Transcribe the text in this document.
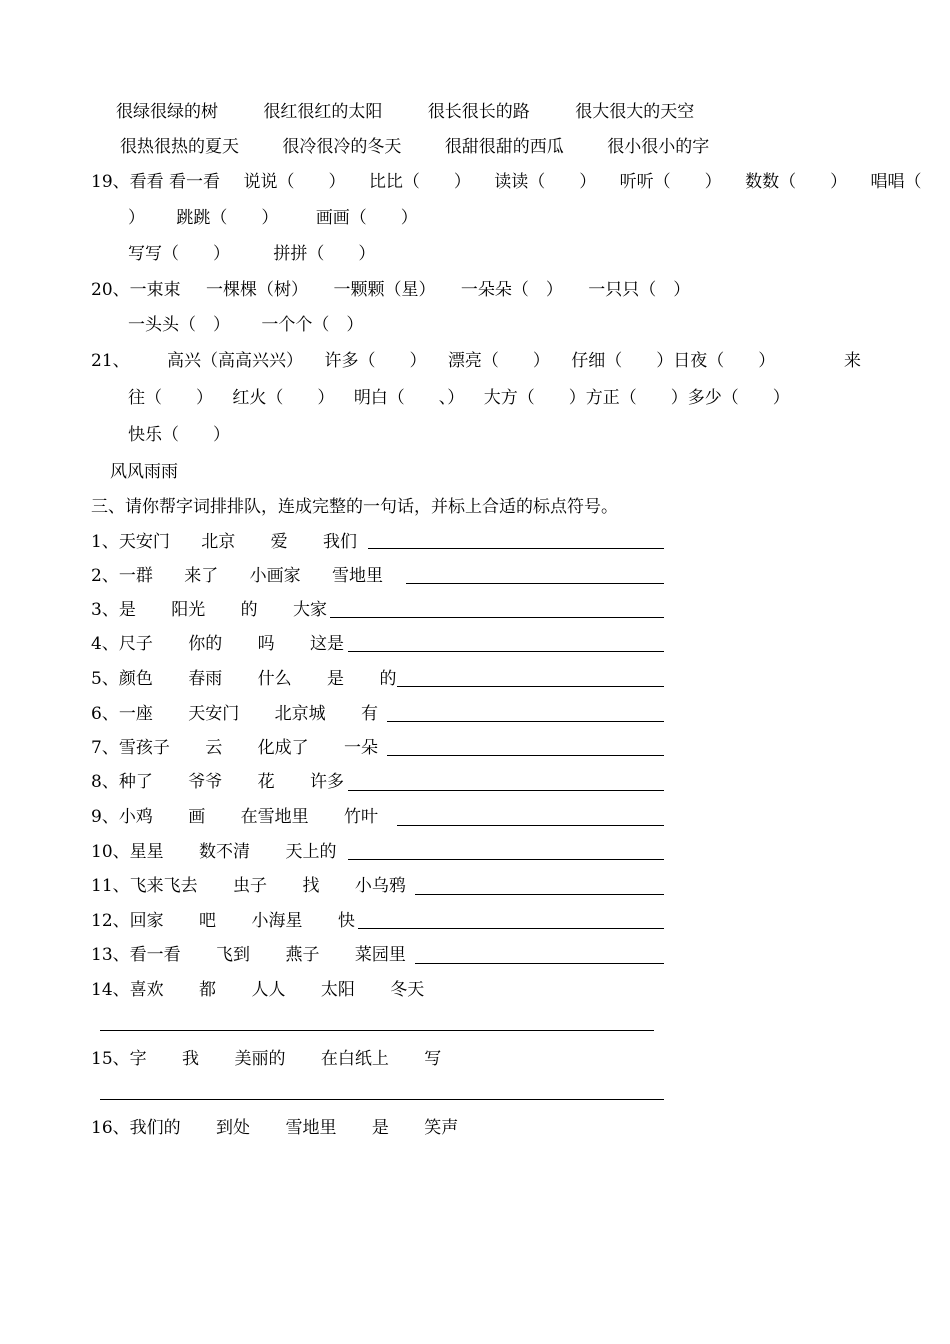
很绿很绿的树	很红很红的太阳	很长很长的路	很大很大的天空
很热很热的夏天	很冷很冷的冬天	很甜很甜的西瓜	很小很小的字
19、看看 看一看 说说（　　） 比比（　　） 读读（　　） 听听（　　） 数数（　　） 唱唱（
） 跳跳（　　） 画画（　　）
写写（　　）	拼拼（　　）
20、一束束 一棵棵（树） 一颗颗（星） 一朵朵（　） 一只只（　）
一头头（　） 一个个（　）
21、 高兴（高高兴兴） 许多（　　） 漂亮（　　） 仔细（　　）日夜（　　）	来
往（　　） 红火（　　） 明白（　　、） 大方（　　）方正（　　）多少（　　）
快乐（　　）
风风雨雨
三、请你帮字词排排队，连成完整的一句话，并标上合适的标点符号。
1、天安门 北京 爱 我们
2、一群 来了 小画家 雪地里
3、是 阳光 的 大家
4、尺子 你的 吗 这是
5、颜色 春雨 什么 是 的
6、一座 天安门 北京城 有
7、雪孩子 云 化成了 一朵
8、种了 爷爷 花 许多
9、小鸡 画 在雪地里 竹叶
10、星星 数不清 天上的
11、飞来飞去 虫子 找 小乌鸦
12、回家 吧 小海星 快
13、看一看 飞到 燕子 菜园里
14、喜欢 都 人人 太阳 冬天
15、字 我 美丽的 在白纸上 写
16、我们的 到处 雪地里 是 笑声
